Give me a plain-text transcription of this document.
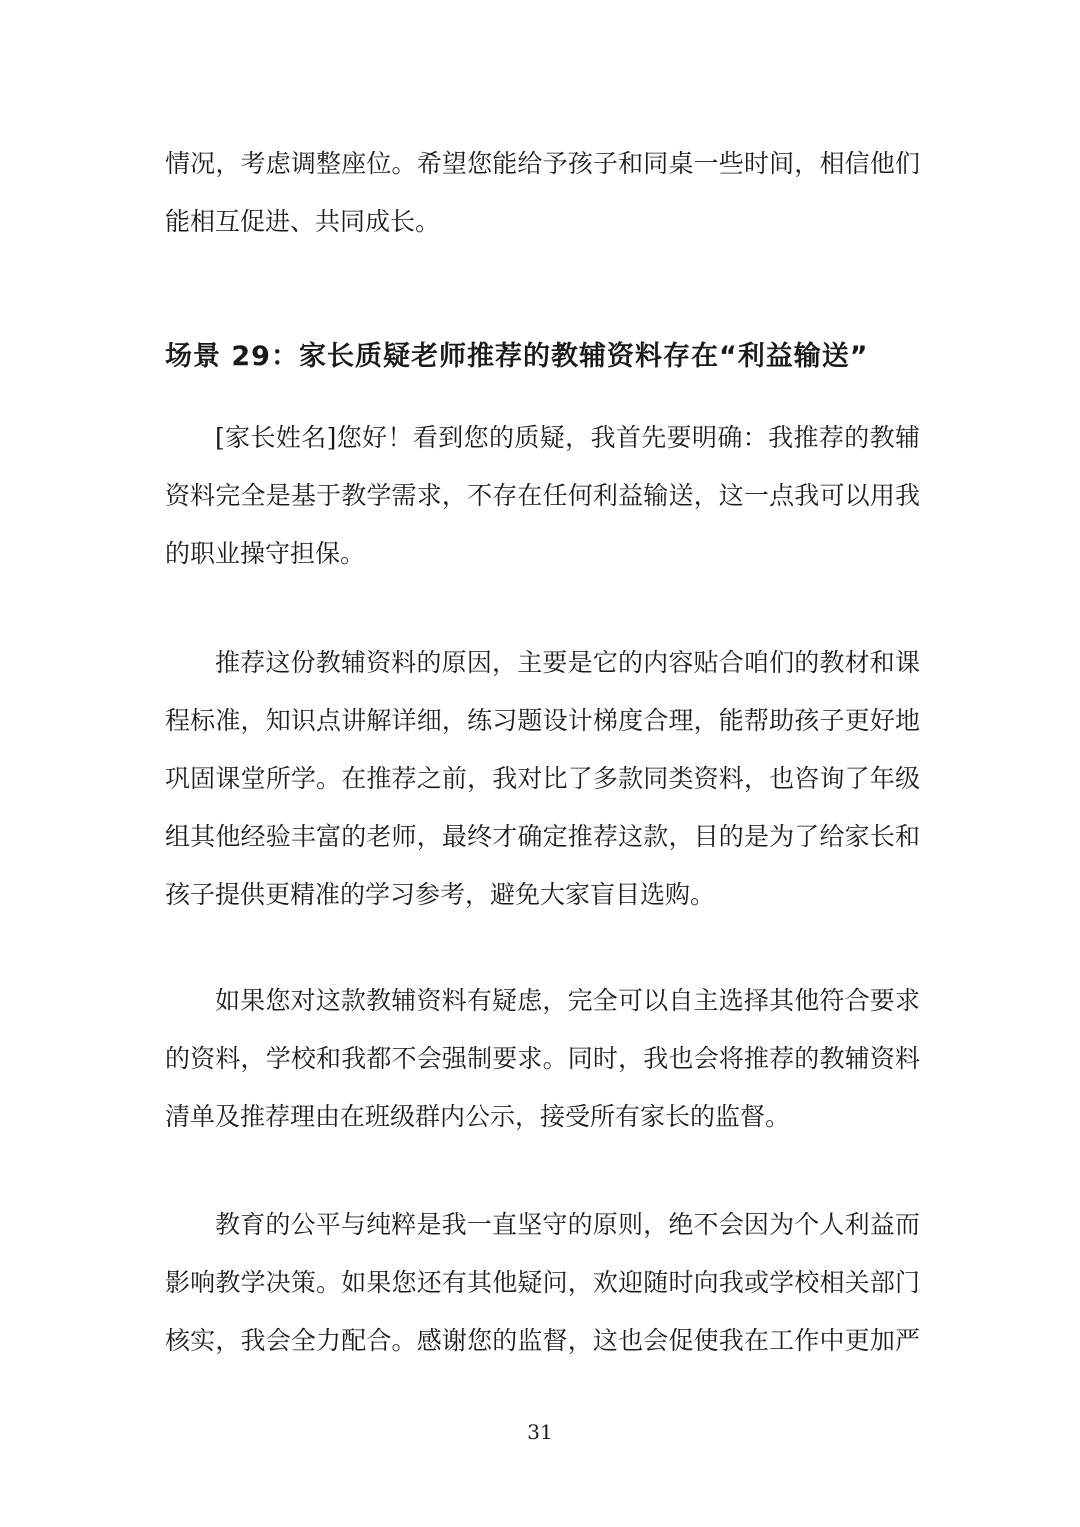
情况，考虑调整座位。希望您能给予孩子和同桌一些时间，相信他们
能相互促进、共同成长。
场景 29：家长质疑老师推荐的教辅资料存在“利益输送”
[家长姓名]您好！看到您的质疑，我首先要明确：我推荐的教辅
资料完全是基于教学需求，不存在任何利益输送，这一点我可以用我
的职业操守担保。
推荐这份教辅资料的原因，主要是它的内容贴合咱们的教材和课
程标准，知识点讲解详细，练习题设计梯度合理，能帮助孩子更好地
巩固课堂所学。在推荐之前，我对比了多款同类资料，也咨询了年级
组其他经验丰富的老师，最终才确定推荐这款，目的是为了给家长和
孩子提供更精准的学习参考，避免大家盲目选购。
如果您对这款教辅资料有疑虑，完全可以自主选择其他符合要求
的资料，学校和我都不会强制要求。同时，我也会将推荐的教辅资料
清单及推荐理由在班级群内公示，接受所有家长的监督。
教育的公平与纯粹是我一直坚守的原则，绝不会因为个人利益而
影响教学决策。如果您还有其他疑问，欢迎随时向我或学校相关部门
核实，我会全力配合。感谢您的监督，这也会促使我在工作中更加严
31
